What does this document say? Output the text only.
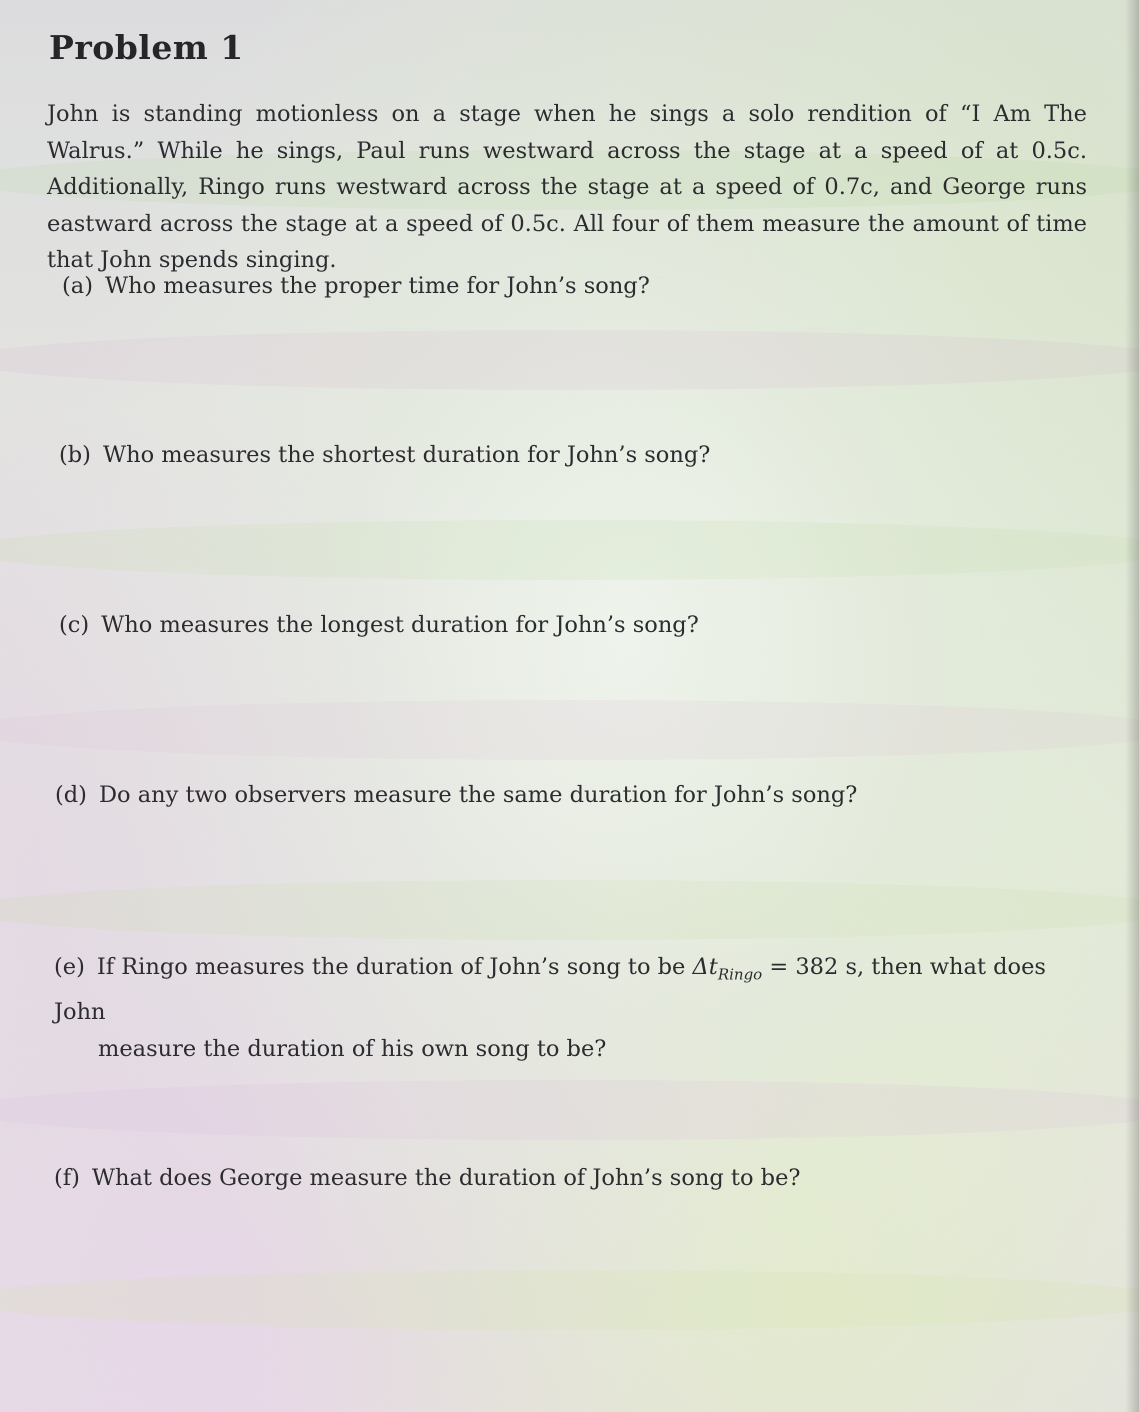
Problem 1
John is standing motionless on a stage when he sings a solo rendition of “I Am The Walrus.” While he sings, Paul runs westward across the stage at a speed of at 0.5c. Additionally, Ringo runs westward across the stage at a speed of 0.7c, and George runs eastward across the stage at a speed of 0.5c. All four of them measure the amount of time that John spends singing.
(a) Who measures the proper time for John’s song?
(b) Who measures the shortest duration for John’s song?
(c) Who measures the longest duration for John’s song?
(d) Do any two observers measure the same duration for John’s song?
(e) If Ringo measures the duration of John’s song to be $\Delta t_{Ringo} = 382$ s, then what does John
measure the duration of his own song to be?
(f) What does George measure the duration of John’s song to be?
